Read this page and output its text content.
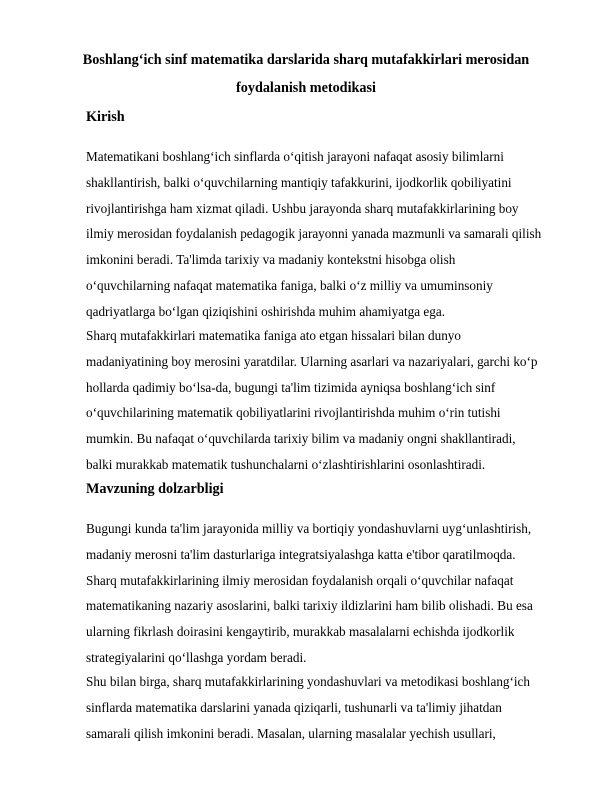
Boshlang‘ich sinf matematika darslarida sharq mutafakkirlari merosidan
foydalanish metodikasi
Kirish
Matematikani boshlang‘ich sinflarda o‘qitish jarayoni nafaqat asosiy bilimlarni
shakllantirish, balki o‘quvchilarning mantiqiy tafakkurini, ijodkorlik qobiliyatini
rivojlantirishga ham xizmat qiladi. Ushbu jarayonda sharq mutafakkirlarining boy
ilmiy merosidan foydalanish pedagogik jarayonni yanada mazmunli va samarali qilish
imkonini beradi. Ta'limda tarixiy va madaniy kontekstni hisobga olish
o‘quvchilarning nafaqat matematika faniga, balki o‘z milliy va umuminsoniy
qadriyatlarga bo‘lgan qiziqishini oshirishda muhim ahamiyatga ega.
Sharq mutafakkirlari matematika faniga ato etgan hissalari bilan dunyo
madaniyatining boy merosini yaratdilar. Ularning asarlari va nazariyalari, garchi ko‘p
hollarda qadimiy bo‘lsa-da, bugungi ta'lim tizimida ayniqsa boshlang‘ich sinf
o‘quvchilarining matematik qobiliyatlarini rivojlantirishda muhim o‘rin tutishi
mumkin. Bu nafaqat o‘quvchilarda tarixiy bilim va madaniy ongni shakllantiradi,
balki murakkab matematik tushunchalarni o‘zlashtirishlarini osonlashtiradi.
Mavzuning dolzarbligi
Bugungi kunda ta'lim jarayonida milliy va bortiqiy yondashuvlarni uyg‘unlashtirish,
madaniy merosni ta'lim dasturlariga integratsiyalashga katta e'tibor qaratilmoqda.
Sharq mutafakkirlarining ilmiy merosidan foydalanish orqali o‘quvchilar nafaqat
matematikaning nazariy asoslarini, balki tarixiy ildizlarini ham bilib olishadi. Bu esa
ularning fikrlash doirasini kengaytirib, murakkab masalalarni echishda ijodkorlik
strategiyalarini qo‘llashga yordam beradi.
Shu bilan birga, sharq mutafakkirlarining yondashuvlari va metodikasi boshlang‘ich
sinflarda matematika darslarini yanada qiziqarli, tushunarli va ta'limiy jihatdan
samarali qilish imkonini beradi. Masalan, ularning masalalar yechish usullari,
